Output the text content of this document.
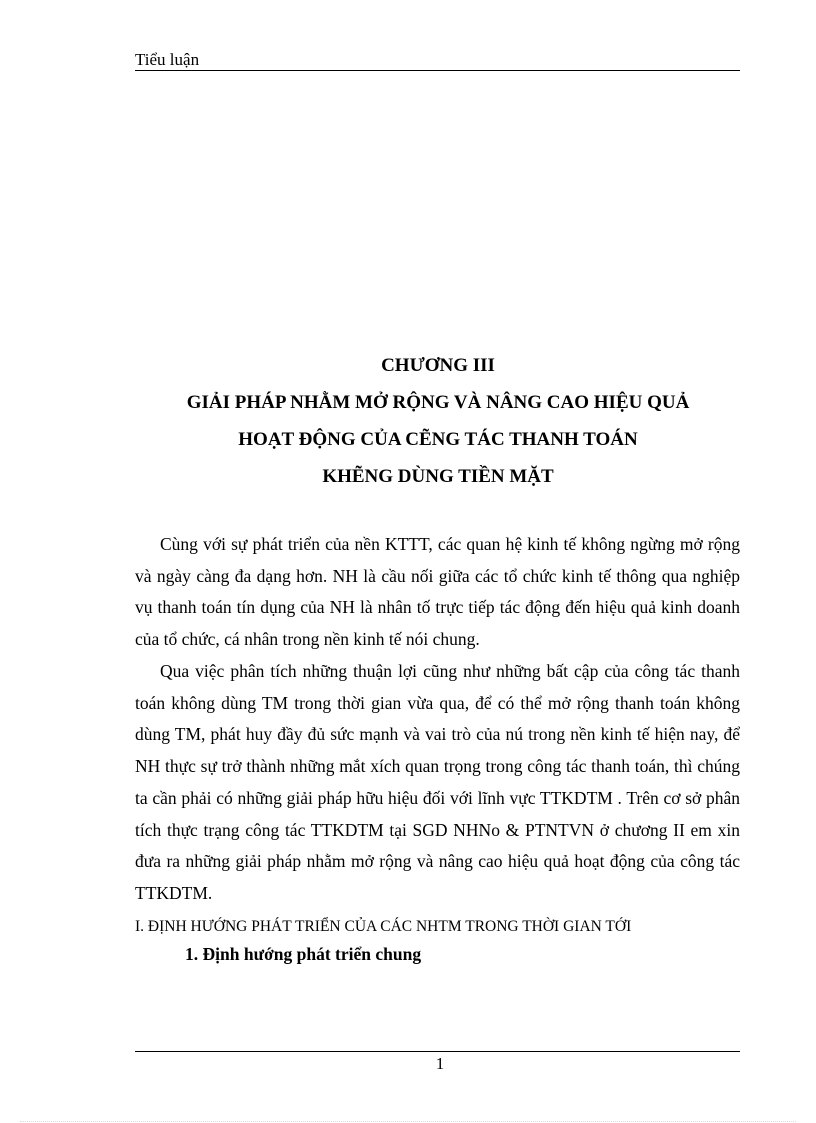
Tiểu luận
CHƯƠNG III
GIẢI PHÁP NHẰM MỞ RỘNG VÀ NÂNG CAO HIỆU QUẢ
HOẠT ĐỘNG CỦA CẼNG TÁC THANH TOÁN
KHẼNG DÙNG TIỀN MẶT
Cùng với sự phát triển của nền KTTT, các quan hệ kinh tế không ngừng mở rộng và ngày càng đa dạng hơn. NH là cầu nối giữa các tổ chức kinh tế thông qua nghiệp vụ thanh toán tín dụng của NH là nhân tố trực tiếp tác động đến hiệu quả kinh doanh của tổ chức, cá nhân trong nền kinh tế nói chung.
Qua việc phân tích những thuận lợi cũng như những bất cập của công tác thanh toán không dùng TM trong thời gian vừa qua, để có thể mở rộng thanh toán không dùng TM, phát huy đầy đủ sức mạnh và vai trò của nú trong nền kinh tế hiện nay, để NH thực sự trở thành những mắt xích quan trọng trong công tác thanh toán, thì chúng ta cần phải có những giải pháp hữu hiệu đối với lĩnh vực TTKDTM . Trên cơ sở phân tích thực trạng công tác TTKDTM tại SGD NHNo & PTNTVN ở chương II em xin đưa ra những giải pháp nhằm mở rộng và nâng cao hiệu quả hoạt động của công tác TTKDTM.
I. ĐỊNH HƯỚNG PHÁT TRIỂN CỦA CÁC NHTM TRONG THỜI GIAN TỚI
1. Định hướng phát triển chung
1
